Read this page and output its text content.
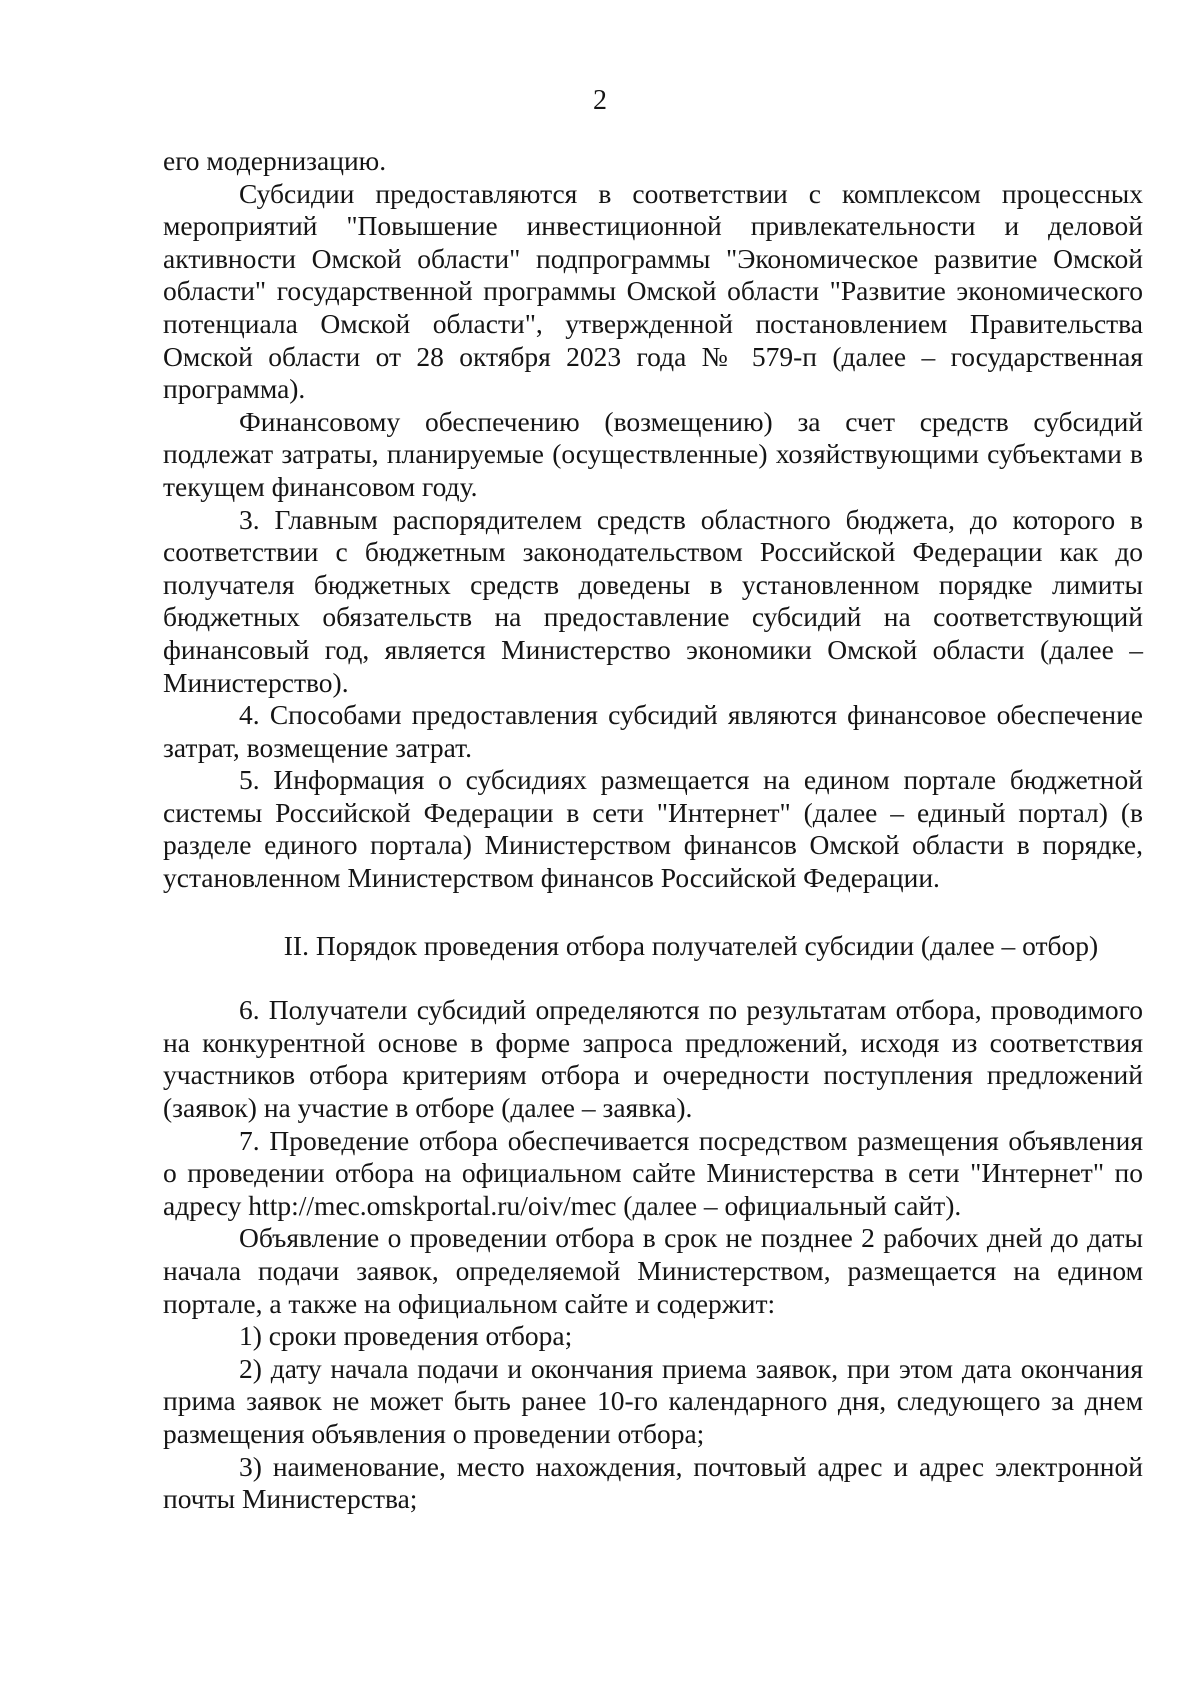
2

его модернизацию.

Субсидии предоставляются в соответствии с комплексом процессных мероприятий "Повышение инвестиционной привлекательности и деловой активности Омской области" подпрограммы "Экономическое развитие Омской области" государственной программы Омской области "Развитие экономического потенциала Омской области", утвержденной постановлением Правительства Омской области от 28 октября 2023 года № 579-п (далее – государственная программа).

Финансовому обеспечению (возмещению) за счет средств субсидий подлежат затраты, планируемые (осуществленные) хозяйствующими субъектами в текущем финансовом году.

3. Главным распорядителем средств областного бюджета, до которого в соответствии с бюджетным законодательством Российской Федерации как до получателя бюджетных средств доведены в установленном порядке лимиты бюджетных обязательств на предоставление субсидий на соответствующий финансовый год, является Министерство экономики Омской области (далее – Министерство).

4. Способами предоставления субсидий являются финансовое обеспечение затрат, возмещение затрат.

5. Информация о субсидиях размещается на едином портале бюджетной системы Российской Федерации в сети "Интернет" (далее – единый портал) (в разделе единого портала) Министерством финансов Омской области в порядке, установленном Министерством финансов Российской Федерации.

II. Порядок проведения отбора получателей субсидии (далее – отбор)

6. Получатели субсидий определяются по результатам отбора, проводимого на конкурентной основе в форме запроса предложений, исходя из соответствия участников отбора критериям отбора и очередности поступления предложений (заявок) на участие в отборе (далее – заявка).

7. Проведение отбора обеспечивается посредством размещения объявления о проведении отбора на официальном сайте Министерства в сети "Интернет" по адресу http://mec.omskportal.ru/oiv/mec (далее – официальный сайт).

Объявление о проведении отбора в срок не позднее 2 рабочих дней до даты начала подачи заявок, определяемой Министерством, размещается на едином портале, а также на официальном сайте и содержит:

1) сроки проведения отбора;

2) дату начала подачи и окончания приема заявок, при этом дата окончания прима заявок не может быть ранее 10-го календарного дня, следующего за днем размещения объявления о проведении отбора;

3) наименование, место нахождения, почтовый адрес и адрес электронной почты Министерства;
